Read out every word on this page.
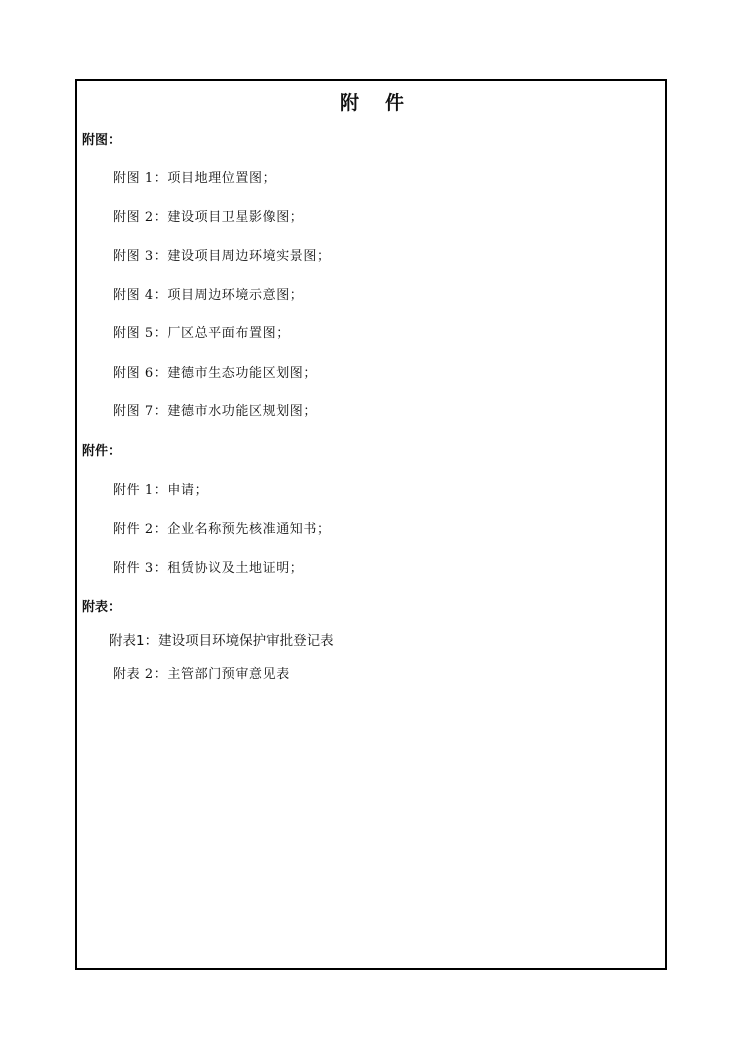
附 件
附图：
附图 1：项目地理位置图；
附图 2：建设项目卫星影像图；
附图 3：建设项目周边环境实景图；
附图 4：项目周边环境示意图；
附图 5：厂区总平面布置图；
附图 6：建德市生态功能区划图；
附图 7：建德市水功能区规划图；
附件：
附件 1：申请；
附件 2：企业名称预先核准通知书；
附件 3：租赁协议及土地证明；
附表：
附表1：建设项目环境保护审批登记表
附表 2：主管部门预审意见表
